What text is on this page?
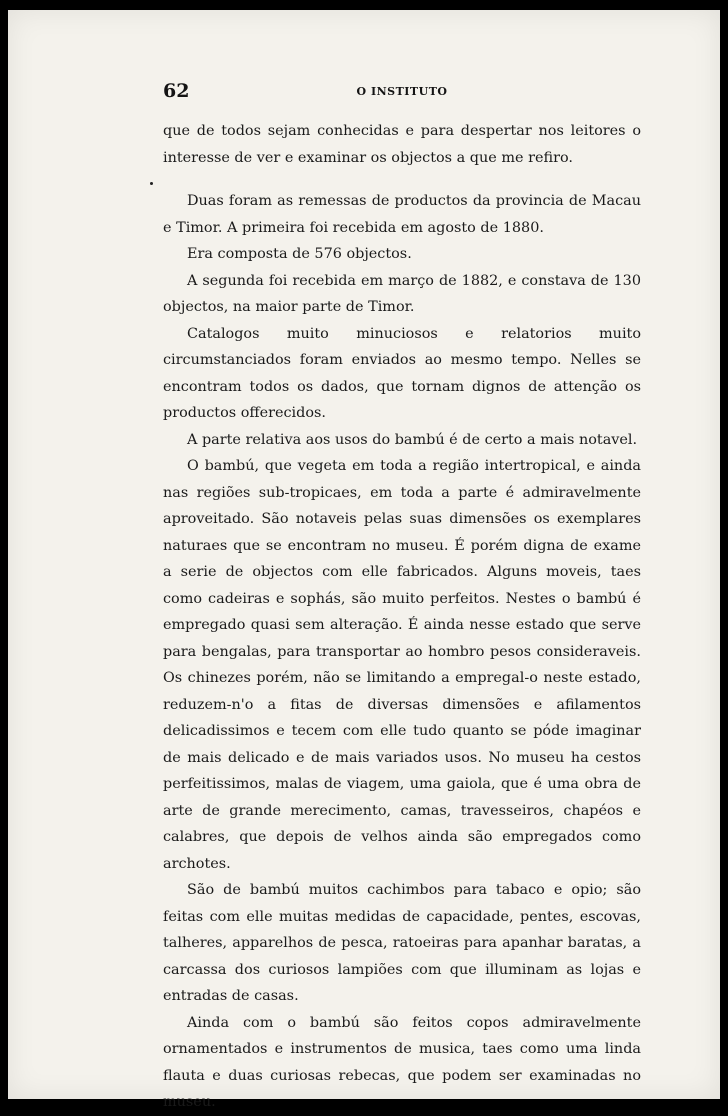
62	O INSTITUTO

que de todos sejam conhecidas e para despertar nos leitores o interesse de ver e examinar os objectos a que me refiro.

Duas foram as remessas de productos da provincia de Macau e Timor. A primeira foi recebida em agosto de 1880.

Era composta de 576 objectos.

A segunda foi recebida em março de 1882, e constava de 130 objectos, na maior parte de Timor.

Catalogos muito minuciosos e relatorios muito circumstanciados foram enviados ao mesmo tempo. Nelles se encontram todos os dados, que tornam dignos de attenção os productos offerecidos.

A parte relativa aos usos do bambú é de certo a mais notavel.

O bambú, que vegeta em toda a região intertropical, e ainda nas regiões sub-tropicaes, em toda a parte é admiravelmente aproveitado. São notaveis pelas suas dimensões os exemplares naturaes que se encontram no museu. É porém digna de exame a serie de objectos com elle fabricados. Alguns moveis, taes como cadeiras e sophás, são muito perfeitos. Nestes o bambú é empregado quasi sem alteração. É ainda nesse estado que serve para bengalas, para transportar ao hombro pesos consideraveis. Os chinezes porém, não se limitando a empregal-o neste estado, reduzem-n'o a fitas de diversas dimensões e afilamentos delicadissimos e tecem com elle tudo quanto se póde imaginar de mais delicado e de mais variados usos. No museu ha cestos perfeitissimos, malas de viagem, uma gaiola, que é uma obra de arte de grande merecimento, camas, travesseiros, chapéos e calabres, que depois de velhos ainda são empregados como archotes.

São de bambú muitos cachimbos para tabaco e opio; são feitas com elle muitas medidas de capacidade, pentes, escovas, talheres, apparelhos de pesca, ratoeiras para apanhar baratas, a carcassa dos curiosos lampiões com que illuminam as lojas e entradas de casas.

Ainda com o bambú são feitos copos admiravelmente ornamentados e instrumentos de musica, taes como uma linda flauta e duas curiosas rebecas, que podem ser examinadas no museu.
